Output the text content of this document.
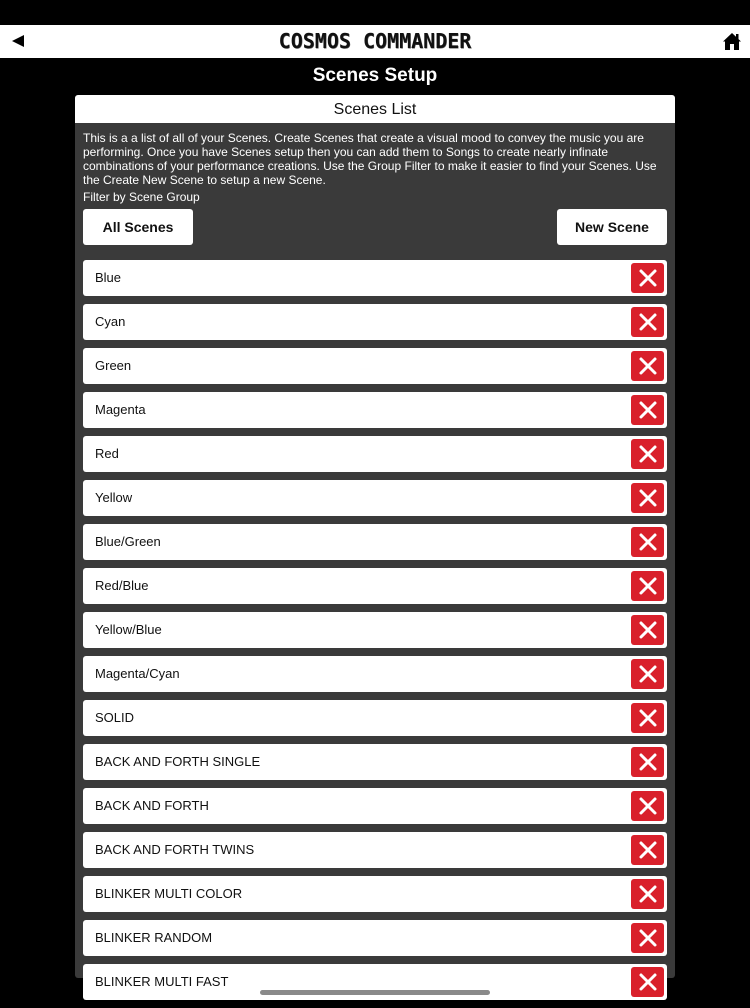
COSMOS COMMANDER
Scenes Setup
Scenes List
This is a a list of all of your Scenes. Create Scenes that create a visual mood to convey the music you are performing. Once you have Scenes setup then you can add them to Songs to create nearly infinate combinations of your performance creations. Use the Group Filter to make it easier to find your Scenes. Use the Create New Scene to setup a new Scene.
Filter by Scene Group
All Scenes	New Scene
Blue
Cyan
Green
Magenta
Red
Yellow
Blue/Green
Red/Blue
Yellow/Blue
Magenta/Cyan
SOLID
BACK AND FORTH SINGLE
BACK AND FORTH
BACK AND FORTH TWINS
BLINKER MULTI COLOR
BLINKER RANDOM
BLINKER MULTI FAST
